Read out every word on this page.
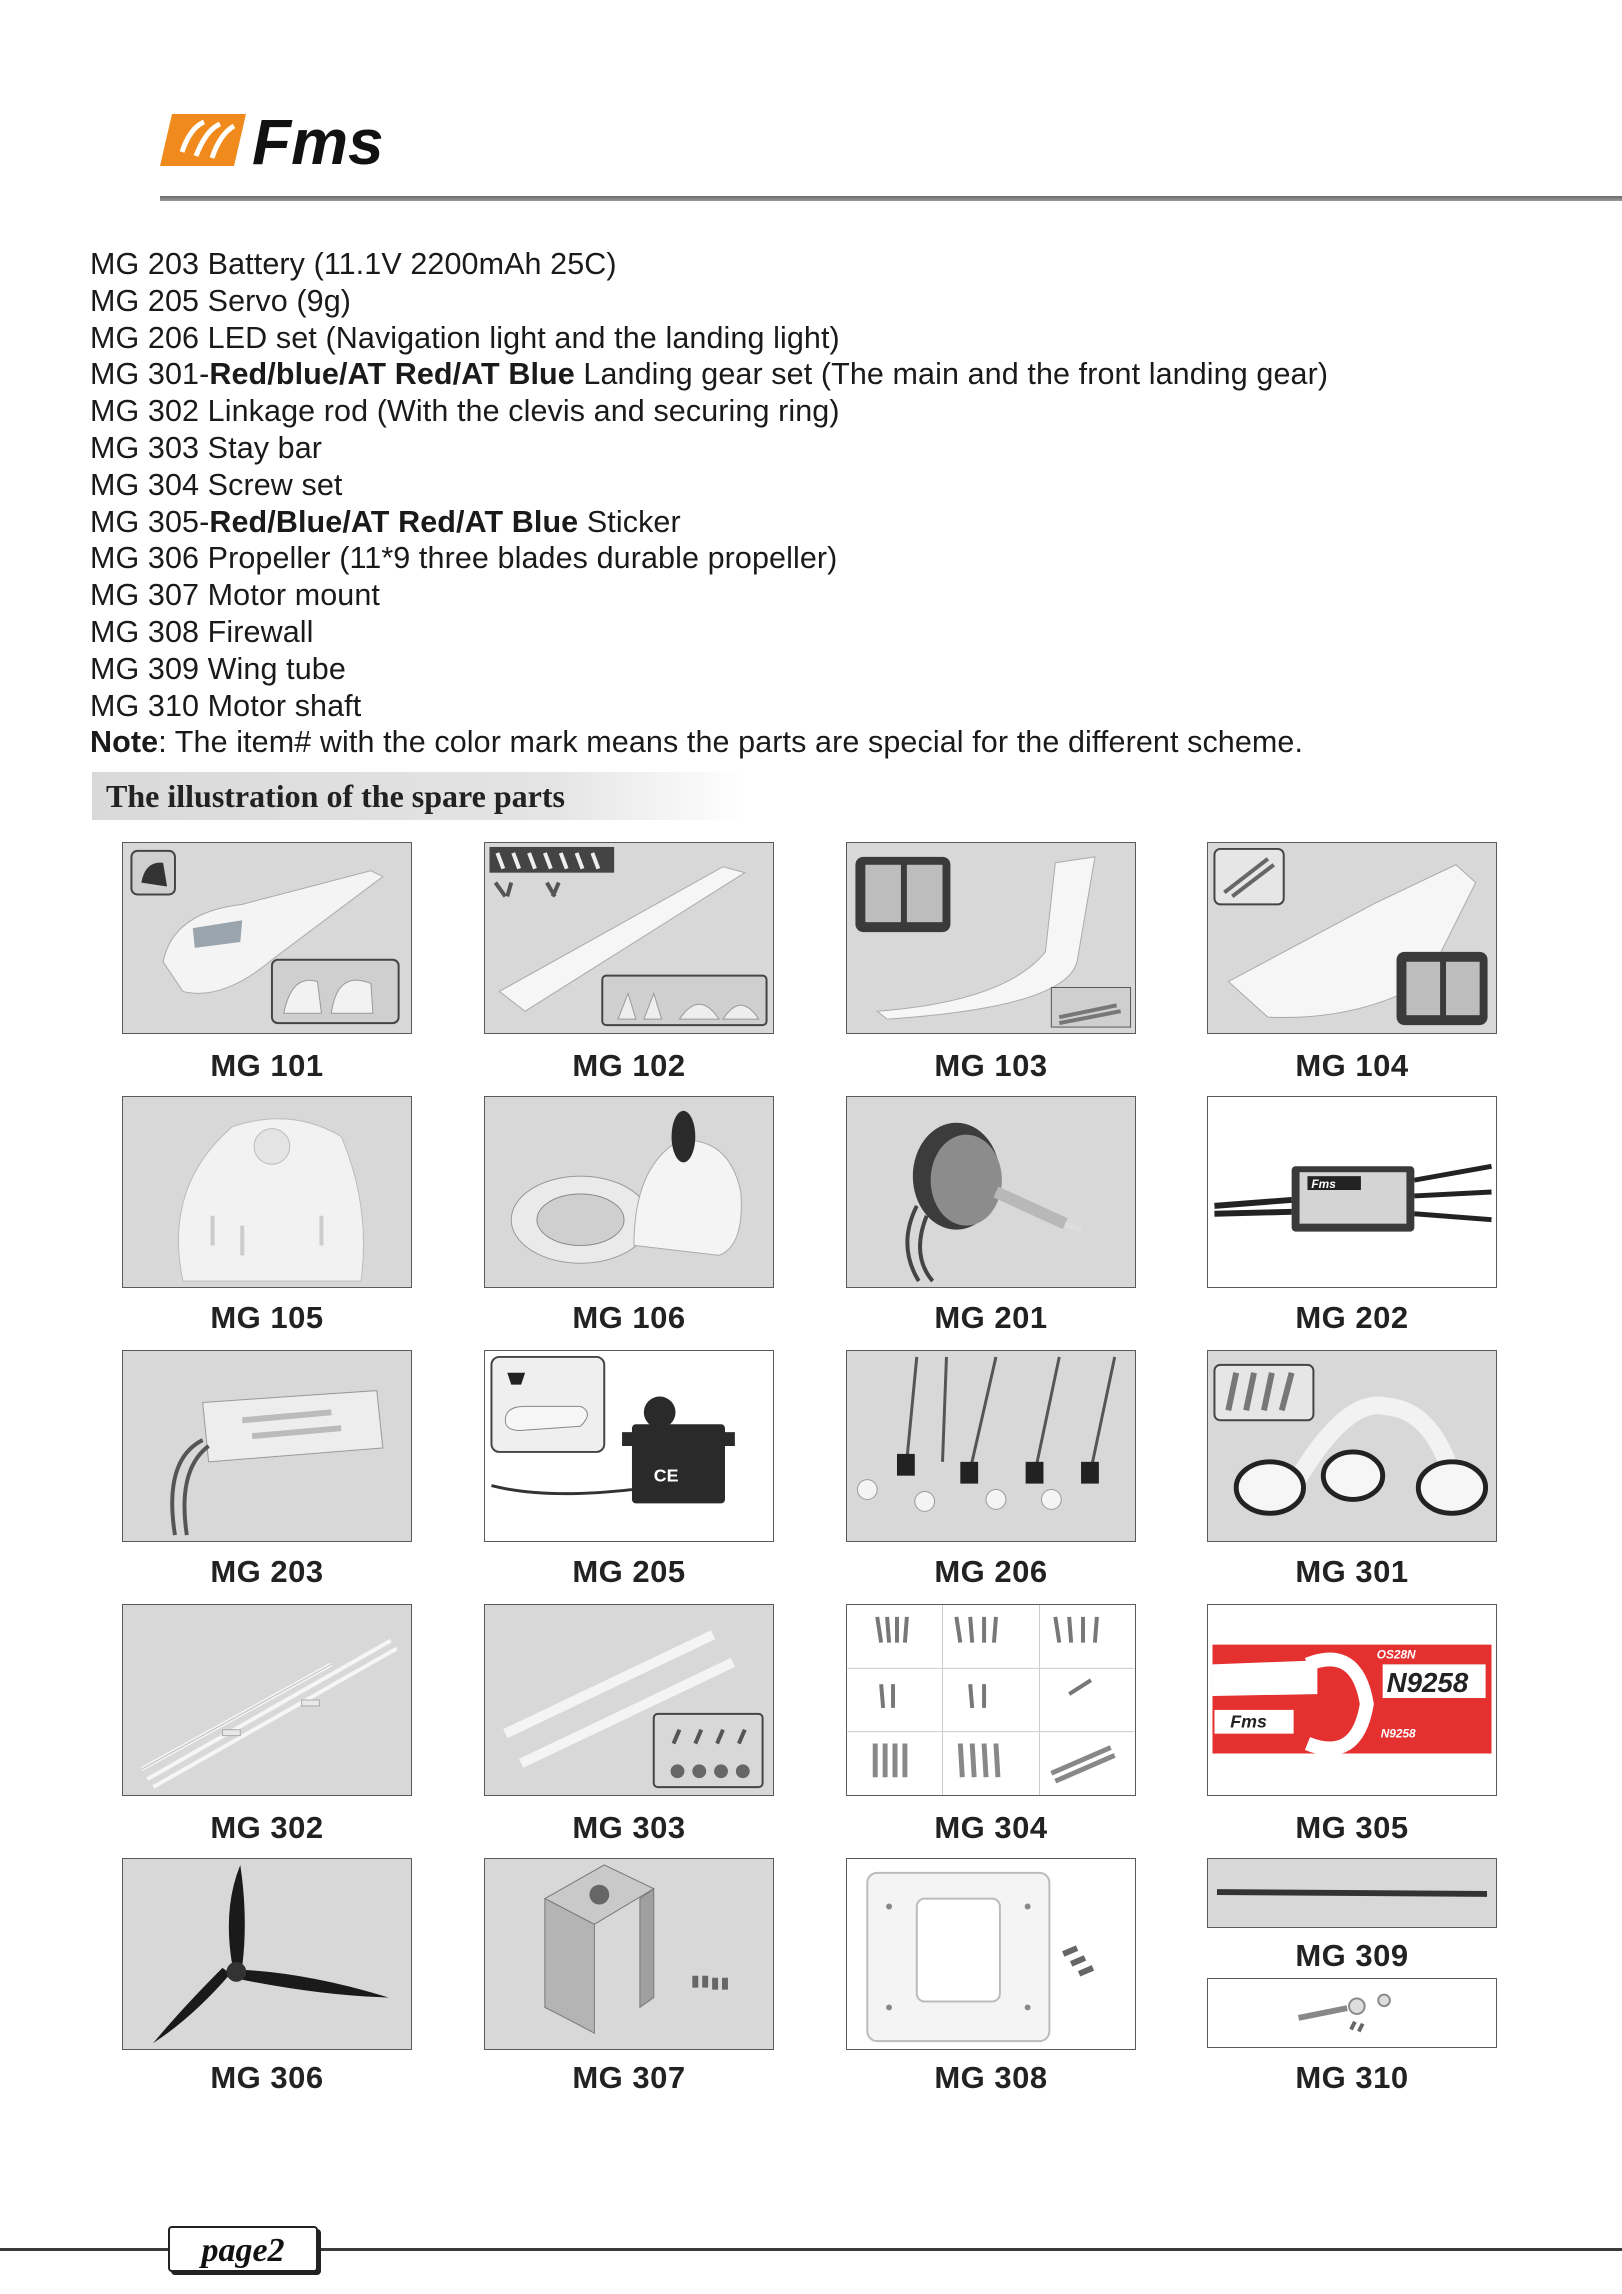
Fms
MG 203 Battery (11.1V 2200mAh 25C)
MG 205 Servo (9g)
MG 206 LED set (Navigation light and the landing light)
MG 301-Red/blue/AT Red/AT Blue Landing gear set (The main and the front landing gear)
MG 302 Linkage rod (With the clevis and securing ring)
MG 303 Stay bar
MG 304 Screw set
MG 305-Red/Blue/AT Red/AT Blue Sticker
MG 306 Propeller (11*9 three blades durable propeller)
MG 307 Motor mount
MG 308 Firewall
MG 309 Wing tube
MG 310 Motor shaft
Note: The item# with the color mark means the parts are special for the different scheme.
The illustration of the spare parts
MG 101	MG 102	MG 103	MG 104
MG 105	MG 106	MG 201
Fms
MG 202
MG 203
CE
MG 205	MG 206	MG 301
MG 302	MG 303	MG 304
N9258
OS28N
Fms
N9258
MG 305
MG 306	MG 307	MG 308
MG 309
MG 310
page2
